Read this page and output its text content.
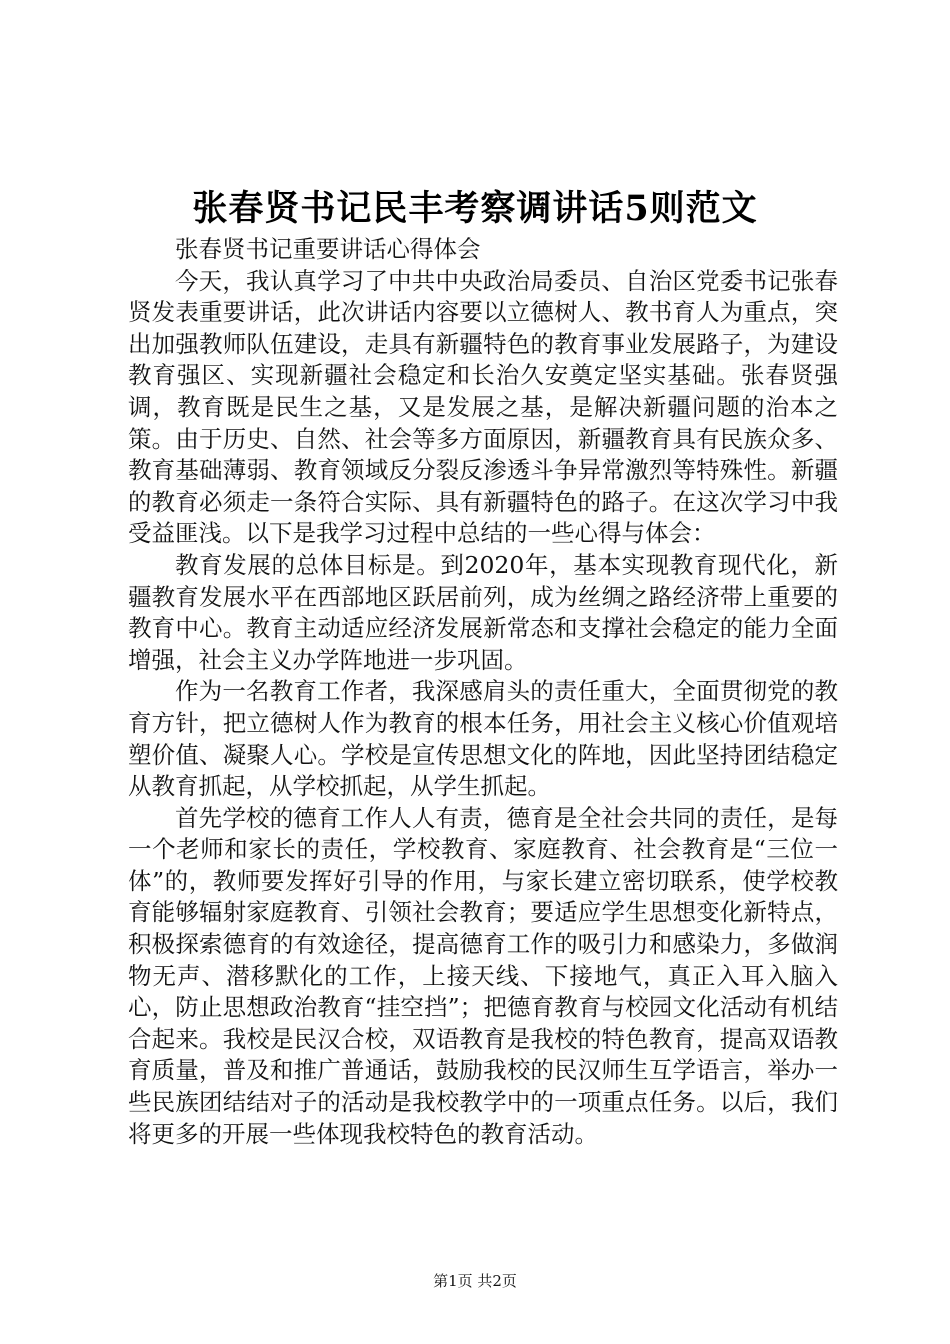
张春贤书记民丰考察调讲话5则范文

张春贤书记重要讲话心得体会

今天，我认真学习了中共中央政治局委员、自治区党委书记张春贤发表重要讲话，此次讲话内容要以立德树人、教书育人为重点，突出加强教师队伍建设，走具有新疆特色的教育事业发展路子，为建设教育强区、实现新疆社会稳定和长治久安奠定坚实基础。张春贤强调，教育既是民生之基，又是发展之基，是解决新疆问题的治本之策。由于历史、自然、社会等多方面原因，新疆教育具有民族众多、教育基础薄弱、教育领域反分裂反渗透斗争异常激烈等特殊性。新疆的教育必须走一条符合实际、具有新疆特色的路子。在这次学习中我受益匪浅。以下是我学习过程中总结的一些心得与体会：

教育发展的总体目标是。到2020年，基本实现教育现代化，新疆教育发展水平在西部地区跃居前列，成为丝绸之路经济带上重要的教育中心。教育主动适应经济发展新常态和支撑社会稳定的能力全面增强，社会主义办学阵地进一步巩固。

作为一名教育工作者，我深感肩头的责任重大，全面贯彻党的教育方针，把立德树人作为教育的根本任务，用社会主义核心价值观培塑价值、凝聚人心。学校是宣传思想文化的阵地，因此坚持团结稳定从教育抓起，从学校抓起，从学生抓起。

首先学校的德育工作人人有责，德育是全社会共同的责任，是每一个老师和家长的责任，学校教育、家庭教育、社会教育是“三位一体”的，教师要发挥好引导的作用，与家长建立密切联系，使学校教育能够辐射家庭教育、引领社会教育；要适应学生思想变化新特点，积极探索德育的有效途径，提高德育工作的吸引力和感染力，多做润物无声、潜移默化的工作，上接天线、下接地气，真正入耳入脑入心，防止思想政治教育“挂空挡”；把德育教育与校园文化活动有机结合起来。我校是民汉合校，双语教育是我校的特色教育，提高双语教育质量，普及和推广普通话，鼓励我校的民汉师生互学语言，举办一些民族团结结对子的活动是我校教学中的一项重点任务。以后，我们将更多的开展一些体现我校特色的教育活动。

第1页 共2页
